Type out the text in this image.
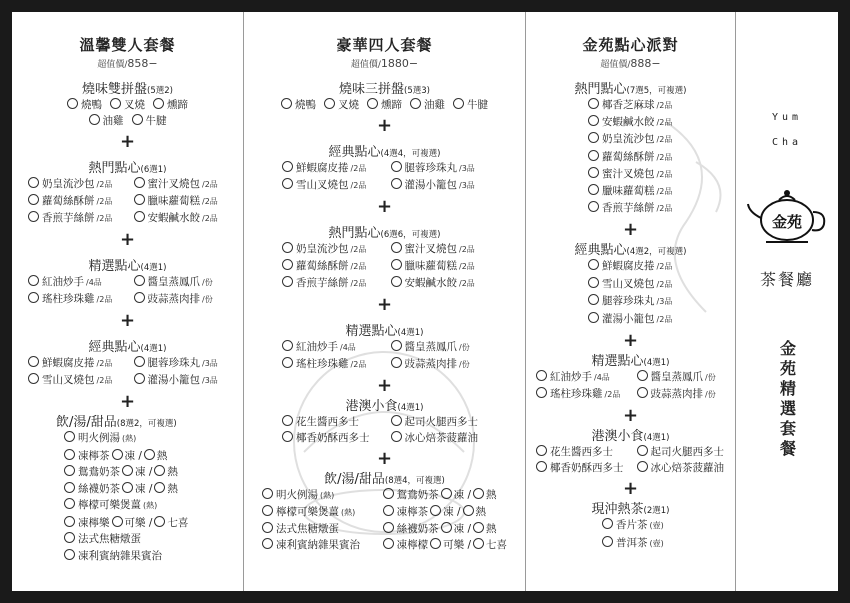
溫馨雙人套餐
超值價/858−
燒味雙拼盤(5選2)
燒鴨	叉燒	燻蹄
油雞	牛腱
+
熱門點心(6選1)
奶皇流沙包 /2品	蜜汁叉燒包 /2品
蘿蔔絲酥餅 /2品	臘味蘿蔔糕 /2品
香煎芋絲餅 /2品	安蝦鹹水餃 /2品
+
精選點心(4選1)
紅油炒手 /4品	醬皇蒸鳳爪 /份
瑤柱珍珠雞 /2品	豉蒜蒸肉排 /份
+
經典點心(4選1)
鮮蝦腐皮捲 /2品	腿蓉珍珠丸 /3品
雪山叉燒包 /2品	灌湯小籠包 /3品
+
飲/湯/甜品(8選2，可複選)
明火例湯 (熱)
凍檸茶 凍 / 熱
鴛鴦奶茶 凍 / 熱
絲襪奶茶 凍 / 熱
檸檬可樂煲薑 (熱)
凍檸樂 可樂 / 七喜
法式焦糖燉蛋
凍利賓納雜果賓治
豪華四人套餐
超值價/1880−
燒味三拼盤(5選3)
燒鴨	叉燒	燻蹄	油雞	牛腱
+
經典點心(4選4，可複選)
鮮蝦腐皮捲 /2品	腿蓉珍珠丸 /3品
雪山叉燒包 /2品	灌湯小籠包 /3品
+
熱門點心(6選6，可複選)
奶皇流沙包 /2品	蜜汁叉燒包 /2品
蘿蔔絲酥餅 /2品	臘味蘿蔔糕 /2品
香煎芋絲餅 /2品	安蝦鹹水餃 /2品
+
精選點心(4選1)
紅油炒手 /4品	醬皇蒸鳳爪 /份
瑤柱珍珠雞 /2品	豉蒜蒸肉排 /份
+
港澳小食(4選1)
花生醬西多士	起司火腿西多士
椰香奶酥西多士	冰心焙茶菠蘿油
+
飲/湯/甜品(8選4，可複選)
明火例湯 (熱)	鴛鴦奶茶 凍 / 熱
檸檬可樂煲薑 (熱)	凍檸茶 凍 / 熱
法式焦糖燉蛋	絲襪奶茶 凍 / 熱
凍利賓納雜果賓治	凍檸檬 可樂 / 七喜
金苑點心派對
超值價/888−
熱門點心(7選5，可複選)
椰香芝麻球 /2品
安蝦鹹水餃 /2品
奶皇流沙包 /2品
蘿蔔絲酥餅 /2品
蜜汁叉燒包 /2品
臘味蘿蔔糕 /2品
香煎芋絲餅 /2品
+
經典點心(4選2，可複選)
鮮蝦腐皮捲 /2品
雪山叉燒包 /2品
腿蓉珍珠丸 /3品
灌湯小籠包 /2品
+
精選點心(4選1)
紅油炒手 /4品	醬皇蒸鳳爪 /份
瑤柱珍珠雞 /2品	豉蒜蒸肉排 /份
+
港澳小食(4選1)
花生醬西多士	起司火腿西多士
椰香奶酥西多士	冰心焙茶菠蘿油
+
現沖熱茶(2選1)
香片茶 (壺)
普洱茶 (壺)
Yum
Cha
金苑
茶餐廳
金苑精選套餐
